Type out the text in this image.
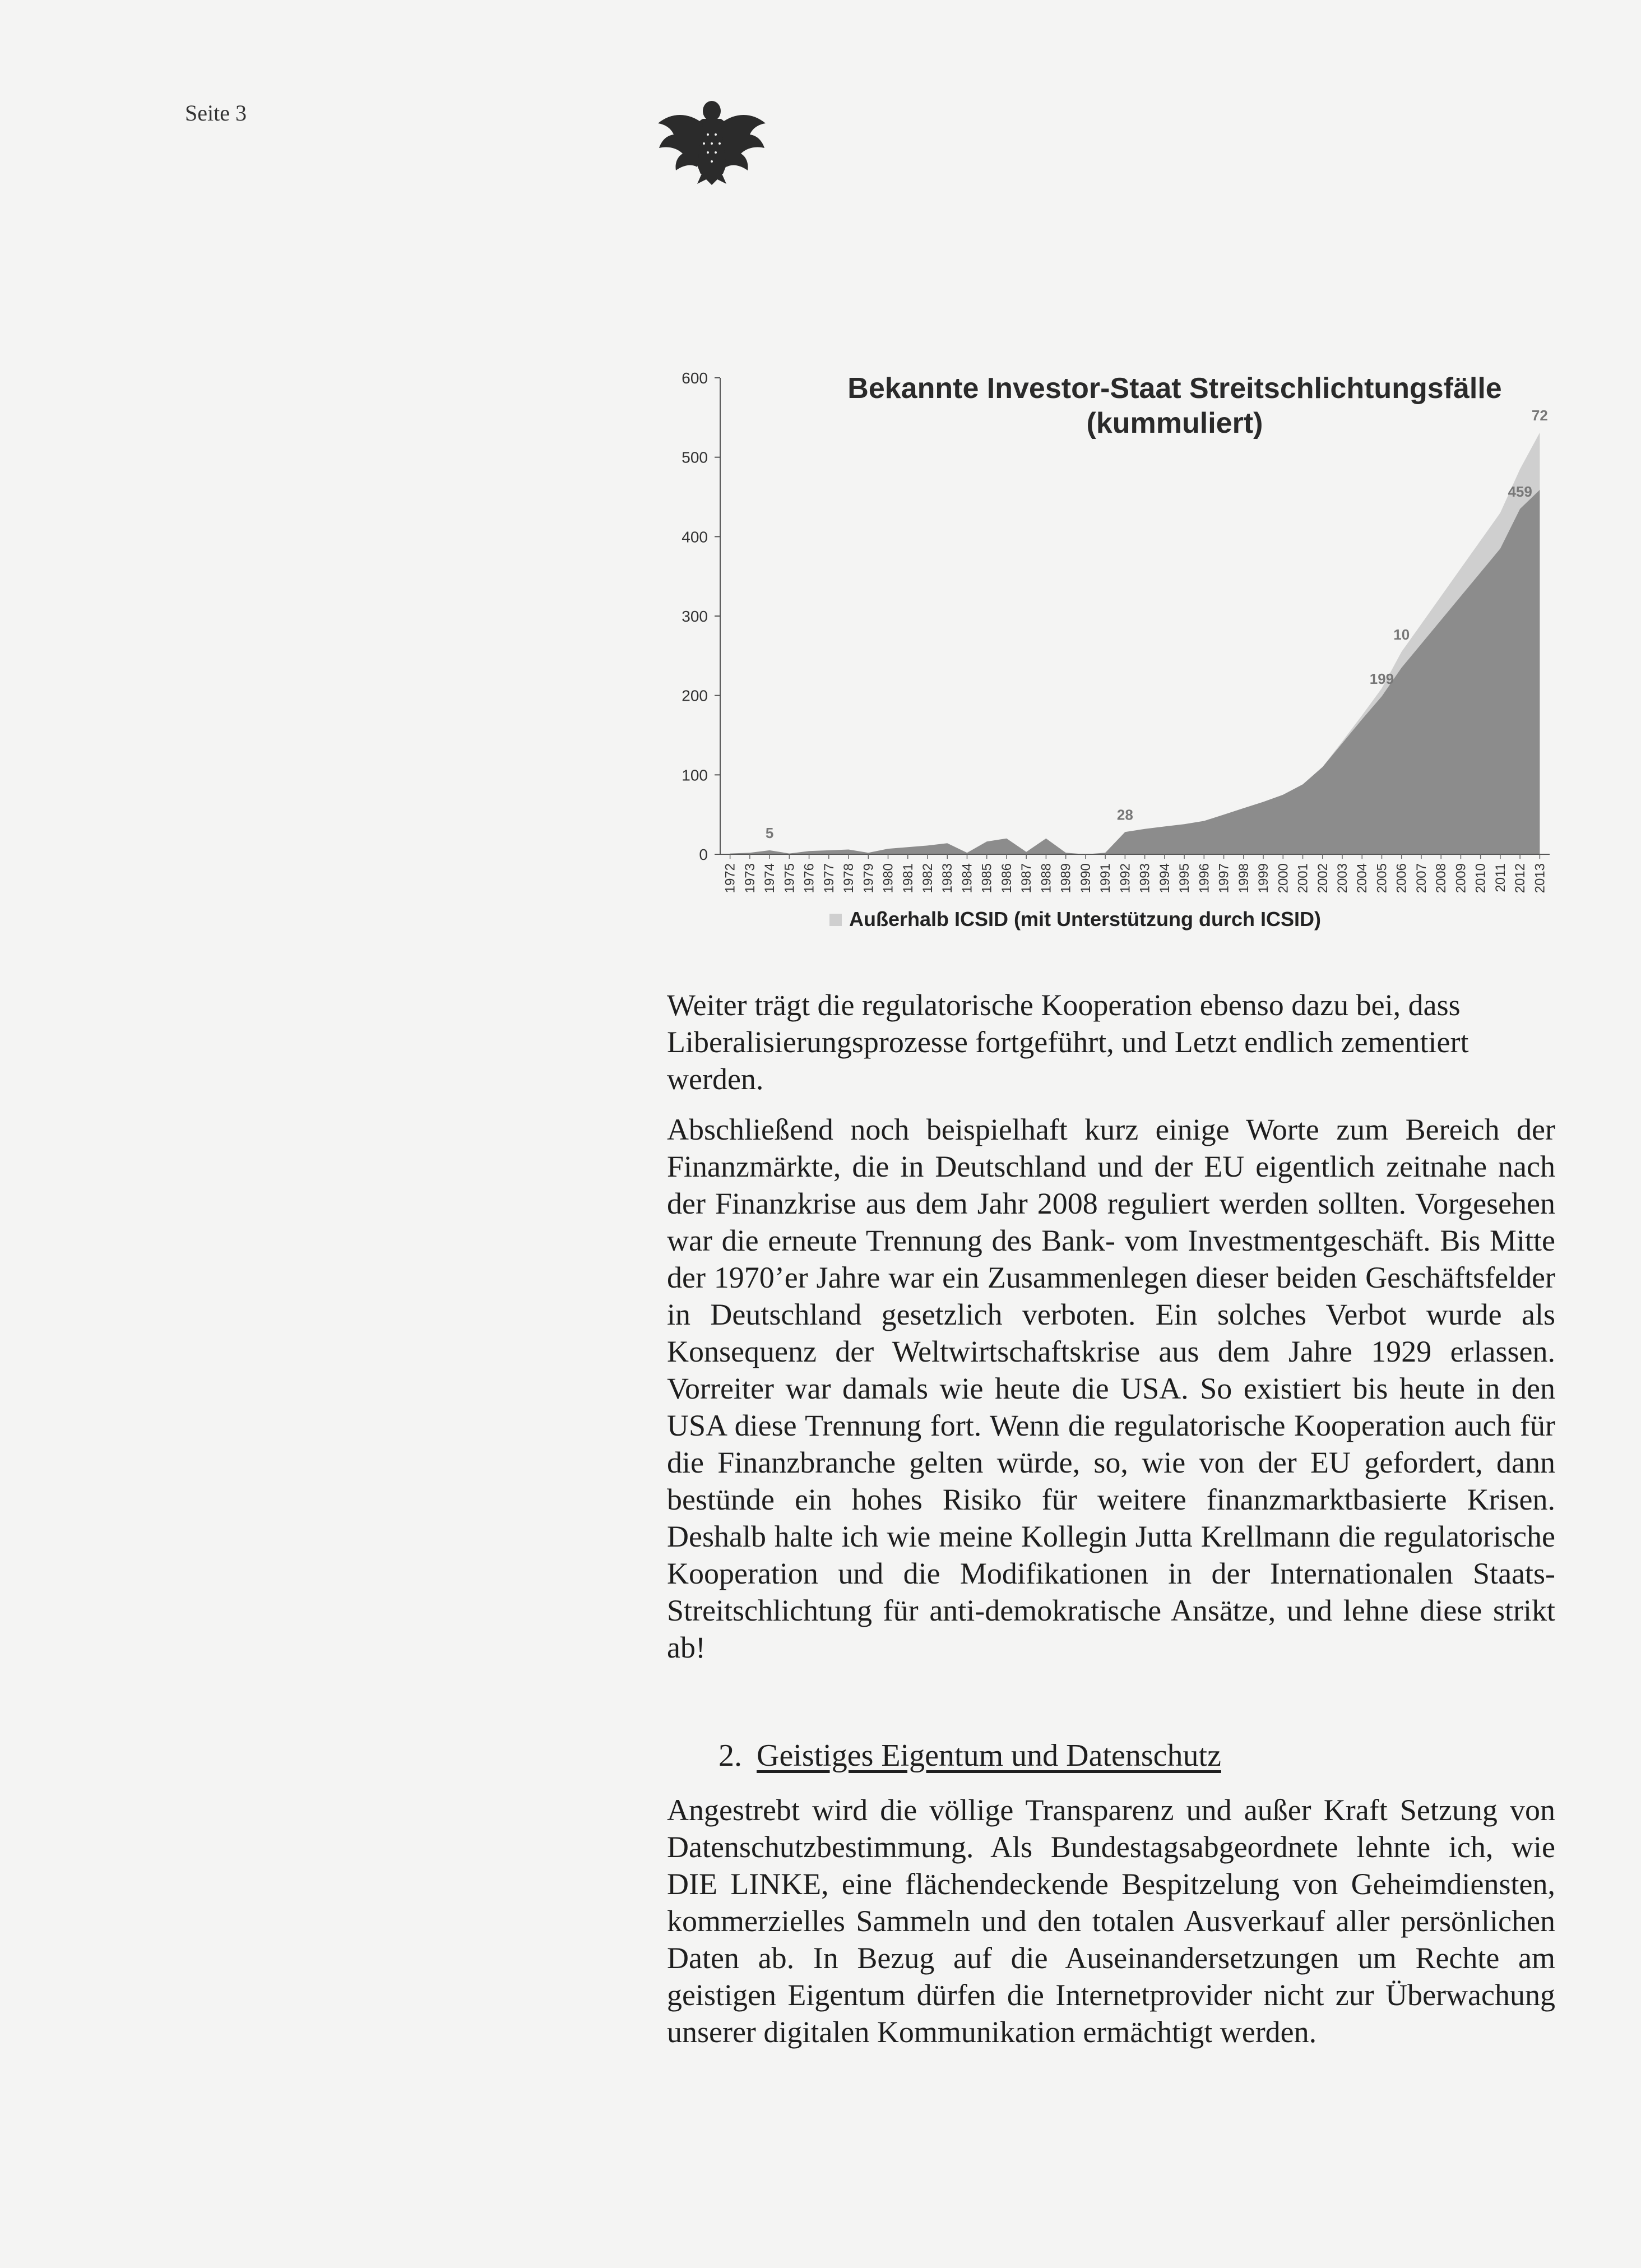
Seite 3
Bekannte Investor-Staat Streitschlichtungsfälle
(kummuliert)
0
100
200
300
400
500
600
5
28
199
10
459
72
1972 1973 1974 1975 1976 1977 1978 1979 1980 1981 1982 1983 1984 1985 1986 1987 1988 1989 1990 1991 1992 1993 1994 1995 1996 1997 1998 1999 2000 2001 2002 2003 2004 2005 2006 2007 2008 2009 2010 2011 2012 2013
Außerhalb ICSID (mit Unterstützung durch ICSID)

Weiter trägt die regulatorische Kooperation ebenso dazu bei, dass Liberalisierungsprozesse fortgeführt, und Letzt endlich zementiert werden.

Abschließend noch beispielhaft kurz einige Worte zum Bereich der Finanzmärkte, die in Deutschland und der EU eigentlich zeitnahe nach der Finanzkrise aus dem Jahr 2008 reguliert werden sollten. Vorgesehen war die erneute Trennung des Bank- vom Investmentgeschäft. Bis Mitte der 1970’er Jahre war ein Zusammenlegen dieser beiden Geschäftsfelder in Deutschland gesetzlich verboten. Ein solches Verbot wurde als Konsequenz der Weltwirtschaftskrise aus dem Jahre 1929 erlassen. Vorreiter war damals wie heute die USA. So existiert bis heute in den USA diese Trennung fort. Wenn die regulatorische Kooperation auch für die Finanzbranche gelten würde, so, wie von der EU gefordert, dann bestünde ein hohes Risiko für weitere finanzmarktbasierte Krisen. Deshalb halte ich wie meine Kollegin Jutta Krellmann die regulatorische Kooperation und die Modifikationen in der Internationalen Staats-Streitschlichtung für anti-demokratische Ansätze, und lehne diese strikt ab!

2. Geistiges Eigentum und Datenschutz

Angestrebt wird die völlige Transparenz und außer Kraft Setzung von Datenschutzbestimmung. Als Bundestagsabgeordnete lehnte ich, wie DIE LINKE, eine flächendeckende Bespitzelung von Geheimdiensten, kommerzielles Sammeln und den totalen Ausverkauf aller persönlichen Daten ab. In Bezug auf die Auseinandersetzungen um Rechte am geistigen Eigentum dürfen die Internetprovider nicht zur Überwachung unserer digitalen Kommunikation ermächtigt werden.
